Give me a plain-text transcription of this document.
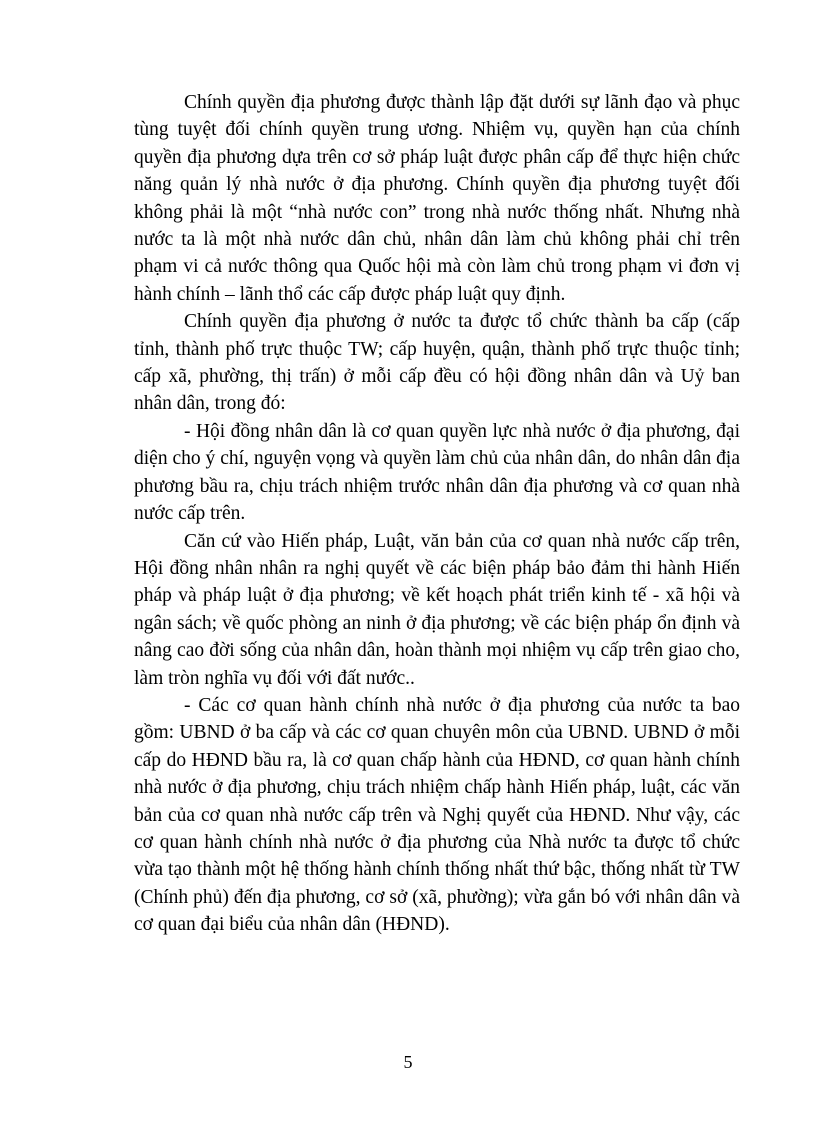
Chính quyền địa phương được thành lập đặt dưới sự lãnh đạo và phục tùng tuyệt đối chính quyền trung ương. Nhiệm vụ, quyền hạn của chính quyền địa phương dựa trên cơ sở pháp luật được phân cấp để thực hiện chức năng quản lý nhà nước ở địa phương. Chính quyền địa phương tuyệt đối không phải là một “nhà nước con” trong nhà nước thống nhất. Nhưng nhà nước ta là một nhà nước dân chủ, nhân dân làm chủ không phải chỉ trên phạm vi cả nước thông qua Quốc hội mà còn làm chủ trong phạm vi đơn vị hành chính – lãnh thổ các cấp được pháp luật quy định.

Chính quyền địa phương ở nước ta được tổ chức thành ba cấp (cấp tỉnh, thành phố trực thuộc TW; cấp huyện, quận, thành phố trực thuộc tỉnh; cấp xã, phường, thị trấn) ở mỗi cấp đều có hội đồng nhân dân và Uỷ ban nhân dân, trong đó:

- Hội đồng nhân dân là cơ quan quyền lực nhà nước ở địa phương, đại diện cho ý chí, nguyện vọng và quyền làm chủ của nhân dân, do nhân dân địa phương bầu ra, chịu trách nhiệm trước nhân dân địa phương và cơ quan nhà nước cấp trên.

Căn cứ vào Hiến pháp, Luật, văn bản của cơ quan nhà nước cấp trên, Hội đồng nhân nhân ra nghị quyết về các biện pháp bảo đảm thi hành Hiến pháp và pháp luật ở địa phương; về kết hoạch phát triển kinh tế - xã hội và ngân sách; về quốc phòng an ninh ở địa phương; về các biện pháp ổn định và nâng cao đời sống của nhân dân, hoàn thành mọi nhiệm vụ cấp trên giao cho, làm tròn nghĩa vụ đối với đất nước..

- Các cơ quan hành chính nhà nước ở địa phương của nước ta bao gồm: UBND ở ba cấp và các cơ quan chuyên môn của UBND. UBND ở mỗi cấp do HĐND bầu ra, là cơ quan chấp hành của HĐND, cơ quan hành chính nhà nước ở địa phương, chịu trách nhiệm chấp hành Hiến pháp, luật, các văn bản của cơ quan nhà nước cấp trên và Nghị quyết của HĐND. Như vậy, các cơ quan hành chính nhà nước ở địa phương của Nhà nước ta được tổ chức vừa tạo thành một hệ thống hành chính thống nhất thứ bậc, thống nhất từ TW (Chính phủ) đến địa phương, cơ sở (xã, phường); vừa gắn bó với nhân dân và cơ quan đại biểu của nhân dân (HĐND).

5
